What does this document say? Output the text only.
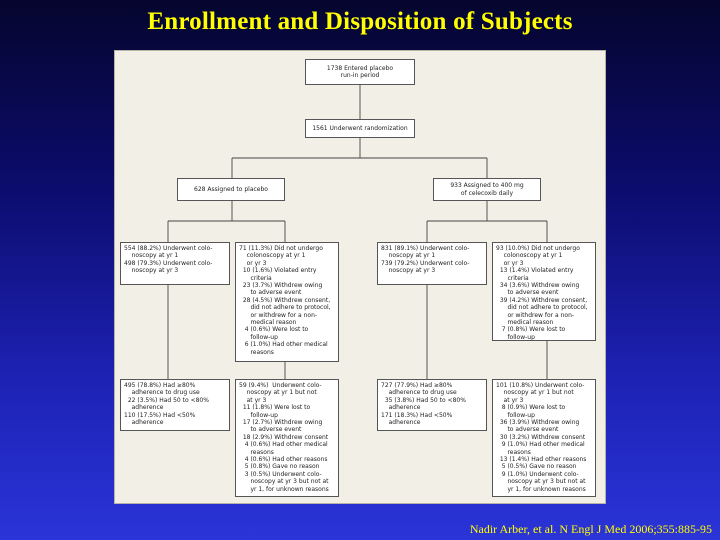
Enrollment and Disposition of Subjects
1738 Entered placebo
run-in period
1561 Underwent randomization
628 Assigned to placebo
933 Assigned to 400 mg
of celecoxib daily
554 (88.2%) Underwent colo-
noscopy at yr 1
498 (79.3%) Underwent colo-
noscopy at yr 3
71 (11.3%) Did not undergo
colonoscopy at yr 1
or yr 3
10 (1.6%) Violated entry
criteria
23 (3.7%) Withdrew owing
to adverse event
28 (4.5%) Withdrew consent,
did not adhere to protocol,
or withdrew for a non-
medical reason
4 (0.6%) Were lost to
follow-up
6 (1.0%) Had other medical
reasons
831 (89.1%) Underwent colo-
noscopy at yr 1
739 (79.2%) Underwent colo-
noscopy at yr 3
93 (10.0%) Did not undergo
colonoscopy at yr 1
or yr 3
13 (1.4%) Violated entry
criteria
34 (3.6%) Withdrew owing
to adverse event
39 (4.2%) Withdrew consent,
did not adhere to protocol,
or withdrew for a non-
medical reason
7 (0.8%) Were lost to
follow-up
495 (78.8%) Had ≥80%
adherence to drug use
22 (3.5%) Had 50 to <80%
adherence
110 (17.5%) Had <50%
adherence
59 (9.4%)  Underwent colo-
noscopy at yr 1 but not
at yr 3
11 (1.8%) Were lost to
follow-up
17 (2.7%) Withdrew owing
to adverse event
18 (2.9%) Withdrew consent
4 (0.6%) Had other medical
reasons
4 (0.6%) Had other reasons
5 (0.8%) Gave no reason
3 (0.5%) Underwent colo-
noscopy at yr 3 but not at
yr 1, for unknown reasons
727 (77.9%) Had ≥80%
adherence to drug use
35 (3.8%) Had 50 to <80%
adherence
171 (18.3%) Had <50%
adherence
101 (10.8%) Underwent colo-
noscopy at yr 1 but not
at yr 3
8 (0.9%) Were lost to
follow-up
36 (3.9%) Withdrew owing
to adverse event
30 (3.2%) Withdrew consent
9 (1.0%) Had other medical
reasons
13 (1.4%) Had other reasons
5 (0.5%) Gave no reason
9 (1.0%) Underwent colo-
noscopy at yr 3 but not at
yr 1, for unknown reasons
Nadir Arber, et al. N Engl J Med 2006;355:885-95
